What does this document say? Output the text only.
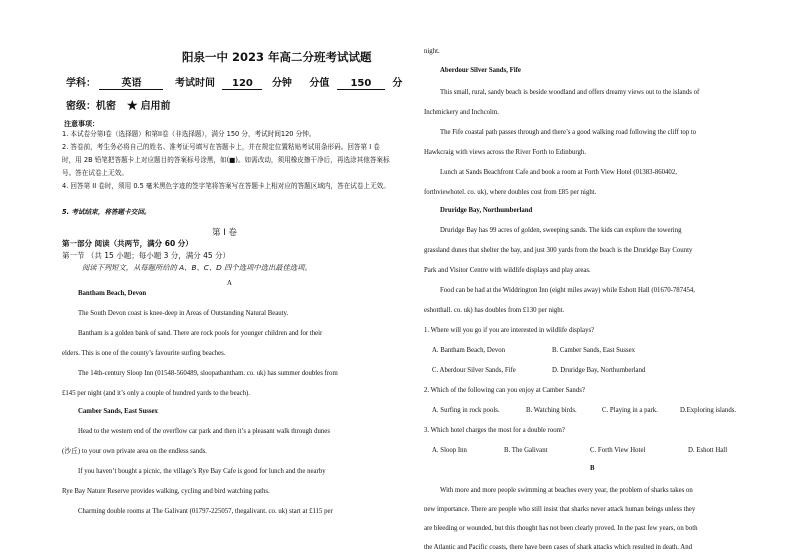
阳泉一中 2023 年高二分班考试试题
学科：	英语	考试时间 120 分钟 分值 150 分
密级：机密 ★ 启用前
注意事项：
1. 本试卷分第I卷（选择题）和第II卷（非选择题），满分 150 分，考试时间120 分钟。
2. 答卷前，考生务必将自己的姓名、准考证号填写在答题卡上，并在规定位置粘贴考试用条形码。回答第 I 卷时，用 2B 铅笔把答题卡上对应题目的答案标号涂黑，如(■)。如需改动，须用橡皮擦干净后，再选涂其他答案标号。答在试卷上无效。
4. 回答第 II 卷时，须用 0.5 毫米黑色字迹的签字笔将答案写在答题卡上相对应的答题区域内，答在试卷上无效。
5. 考试结束，将答题卡交回。
第 I 卷
第一部分 阅读（共两节，满分 60 分）
第一节 （共 15 小题；每小题 3 分，满分 45 分）
阅读下列短文，从每题所给的 A、B、C、D 四个选项中选出最佳选项。
A
Bantham Beach, Devon
The South Devon coast is knee-deep in Areas of Outstanding Natural Beauty.
Bantham is a golden bank of sand. There are rock pools for younger children and for their
elders. This is one of the county’s favourite surfing beaches.
The 14th-century Sloop Inn (01548-560489, sloopatbantham. co. uk) has summer doubles from
£145 per night (and it’s only a couple of hundred yards to the beach).
Camber Sands, East Sussex
Head to the western end of the overflow car park and then it’s a pleasant walk through dunes
(沙丘) to your own private area on the endless sands.
If you haven’t bought a picnic, the village’s Rye Bay Cafe is good for lunch and the nearby
Rye Bay Nature Reserve provides walking, cycling and bird watching paths.
Charming double rooms at The Galivant (01797-225057, thegalivant. co. uk) start at £115 per
night.
Aberdour Silver Sands, Fife
This small, rural, sandy beach is beside woodland and offers dreamy views out to the islands of
Inchmickery and Inchcolm.
The Fife coastal path passes through and there’s a good walking road following the cliff top to
Hawkcraig with views across the River Forth to Edinburgh.
Lunch at Sands Beachfront Cafe and book a room at Forth View Hotel (01383-860402,
forthviewhotel. co. uk), where doubles cost from £85 per night.
Druridge Bay, Northumberland
Druridge Bay has 99 acres of golden, sweeping sands. The kids can explore the towering
grassland dunes that shelter the bay, and just 300 yards from the beach is the Druridge Bay County
Park and Visitor Centre with wildlife displays and play areas.
Food can be had at the Widdrington Inn (eight miles away) while Eshott Hall (01670-787454,
eshotthall. co. uk) has doubles from £130 per night.
1. Where will you go if you are interested in wildlife displays?
A. Bantham Beach, Devon	B. Camber Sands, East Sussex
C. Aberdour Silver Sands, Fife	D. Druridge Bay, Northumberland
2. Which of the following can you enjoy at Camber Sands?
A. Surfing in rock pools.	B. Watching birds.	C. Playing in a park.	D.Exploring islands.
3. Which hotel charges the most for a double room?
A. Sloop Inn	B. The Galivant	C. Forth View Hotel	D. Eshott Hall
B
With more and more people swimming at beaches every year, the problem of sharks takes on
new importance. There are people who still insist that sharks never attack human beings unless they
are bleeding or wounded, but this thought has not been clearly proved. In the past few years, on both
the Atlantic and Pacific coasts, there have been cases of shark attacks which resulted in death. And
